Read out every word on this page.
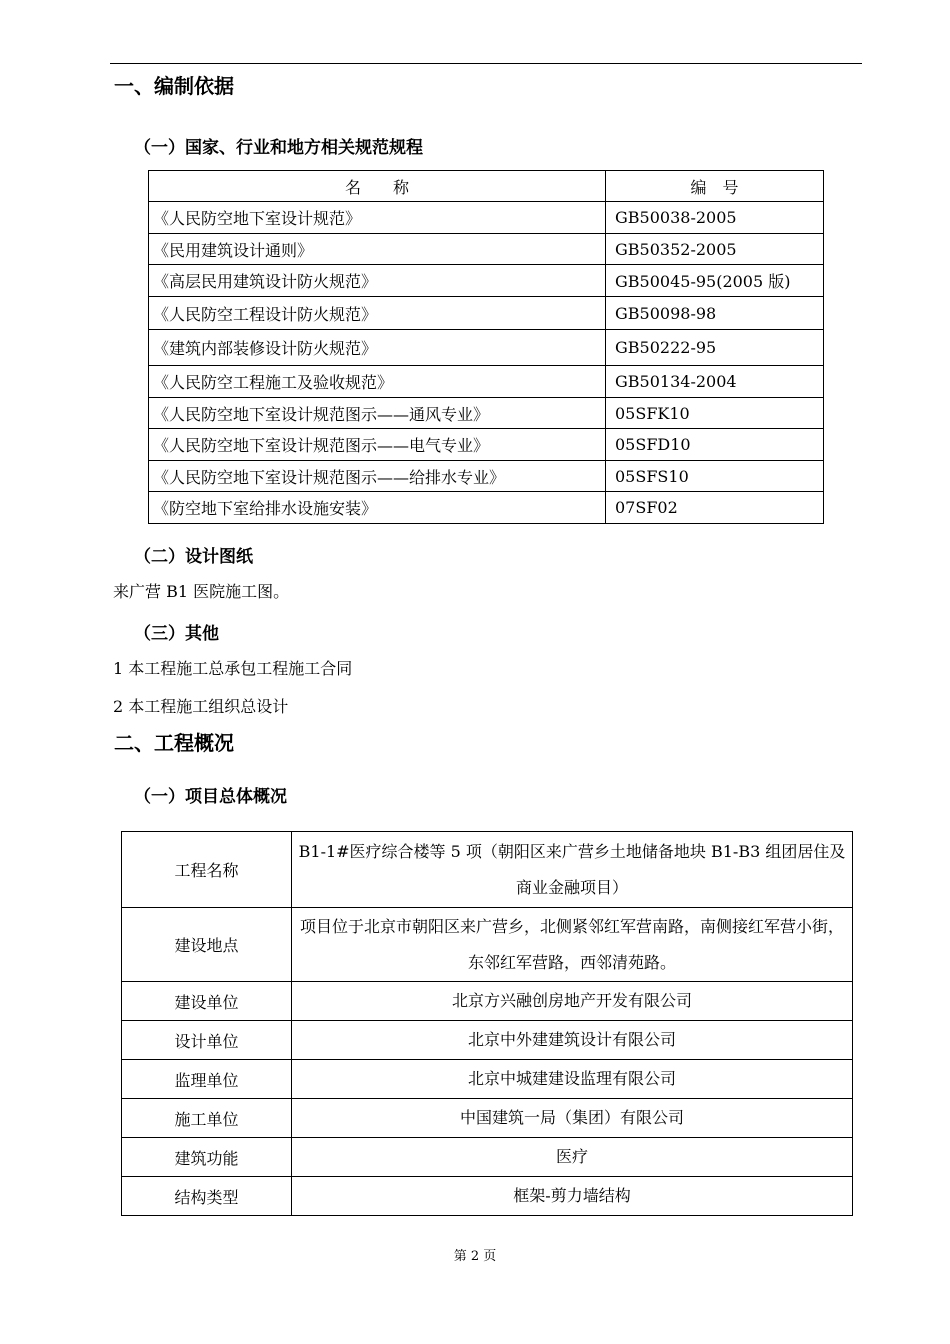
一、编制依据
（一）国家、行业和地方相关规范规程
名　　称	编　号
《人民防空地下室设计规范》	GB50038-2005
《民用建筑设计通则》	GB50352-2005
《高层民用建筑设计防火规范》	GB50045-95(2005 版)
《人民防空工程设计防火规范》	GB50098-98
《建筑内部装修设计防火规范》	GB50222-95
《人民防空工程施工及验收规范》	GB50134-2004
《人民防空地下室设计规范图示——通风专业》	05SFK10
《人民防空地下室设计规范图示——电气专业》	05SFD10
《人民防空地下室设计规范图示——给排水专业》	05SFS10
《防空地下室给排水设施安装》	07SF02
（二）设计图纸
来广营 B1 医院施工图。
（三）其他
1 本工程施工总承包工程施工合同
2 本工程施工组织总设计
二、工程概况
（一）项目总体概况
工程名称	B1-1#医疗综合楼等 5 项（朝阳区来广营乡土地储备地块 B1-B3 组团居住及商业金融项目）
建设地点	项目位于北京市朝阳区来广营乡，北侧紧邻红军营南路，南侧接红军营小街，东邻红军营路，西邻清苑路。
建设单位	北京方兴融创房地产开发有限公司
设计单位	北京中外建建筑设计有限公司
监理单位	北京中城建建设监理有限公司
施工单位	中国建筑一局（集团）有限公司
建筑功能	医疗
结构类型	框架-剪力墙结构
第 2 页
